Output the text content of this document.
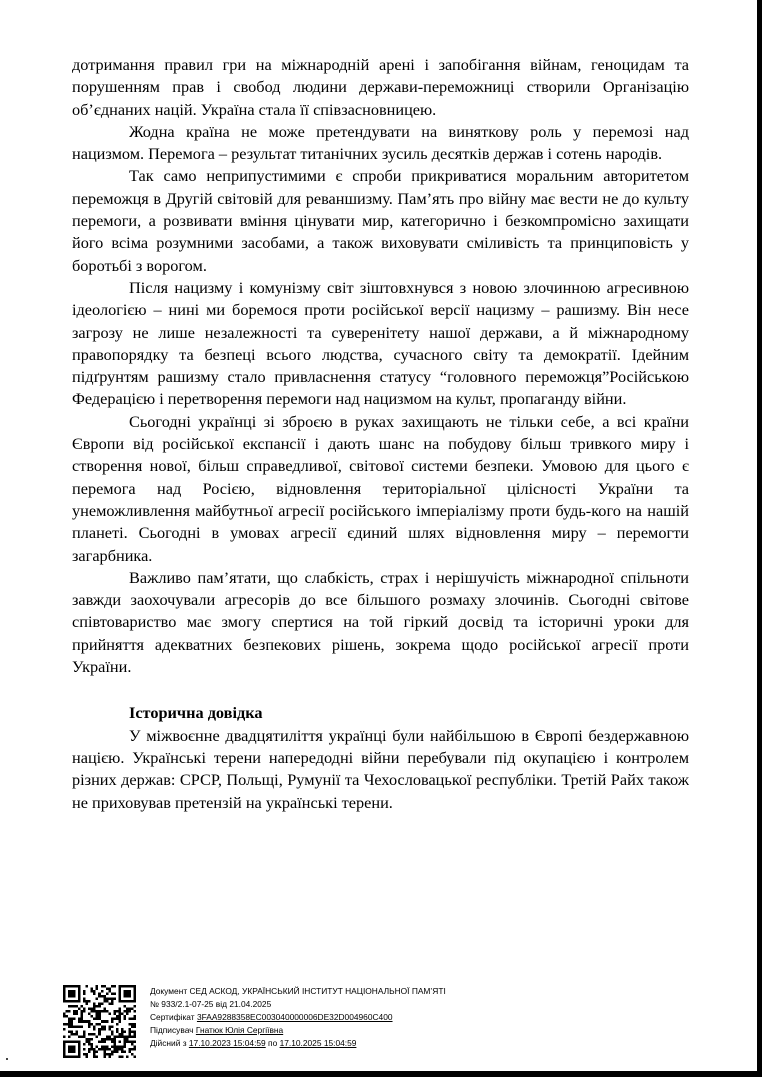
дотримання правил гри на міжнародній арені і запобігання війнам, геноцидам та порушенням прав і свобод людини держави-переможниці створили Організацію об’єднаних націй. Україна стала її співзасновницею.

Жодна країна не може претендувати на виняткову роль у перемозі над нацизмом. Перемога – результат титанічних зусиль десятків держав і сотень народів.

Так само неприпустимими є спроби прикриватися моральним авторитетом переможця в Другій світовій для реваншизму. Пам’ять про війну має вести не до культу перемоги, а розвивати вміння цінувати мир, категорично і безкомпромісно захищати його всіма розумними засобами, а також виховувати сміливість та принциповість у боротьбі з ворогом.

Після нацизму і комунізму світ зіштовхнувся з новою злочинною агресивною ідеологією – нині ми боремося проти російської версії нацизму – рашизму. Він несе загрозу не лише незалежності та суверенітету нашої держави, а й міжнародному правопорядку та безпеці всього людства, сучасного світу та демократії. Ідейним підґрунтям рашизму стало привласнення статусу “головного переможця”Російською Федерацією і перетворення перемоги над нацизмом на культ, пропаганду війни.

Сьогодні українці зі зброєю в руках захищають не тільки себе, а всі країни Європи від російської експансії і дають шанс на побудову більш тривкого миру і створення нової, більш справедливої, світової системи безпеки. Умовою для цього є перемога над Росією, відновлення територіальної цілісності України та унеможливлення майбутньої агресії російського імперіалізму проти будь-кого на нашій планеті. Сьогодні в умовах агресії єдиний шлях відновлення миру – перемогти загарбника.

Важливо пам’ятати, що слабкість, страх і нерішучість міжнародної спільноти завжди заохочували агресорів до все більшого розмаху злочинів. Сьогодні світове співтовариство має змогу спертися на той гіркий досвід та історичні уроки для прийняття адекватних безпекових рішень, зокрема щодо російської агресії проти України.

Історична довідка

У міжвоєнне двадцятиліття українці були найбільшою в Європі бездержавною нацією. Українські терени напередодні війни перебували під окупацією і контролем різних держав: СРСР, Польщі, Румунії та Чехословацької республіки. Третій Райх також не приховував претензій на українські терени.

Документ СЕД АСКОД, УКРАЇНСЬКИЙ ІНСТИТУТ НАЦІОНАЛЬНОЇ ПАМ’ЯТІ
№ 933/2.1-07-25 від 21.04.2025
Сертифікат 3FAA9288358EC003040000006DE32D004960C400
Підписувач Гнатюк Юлія Сергіївна
Дійсний з 17.10.2023 15:04:59 по 17.10.2025 15:04:59
